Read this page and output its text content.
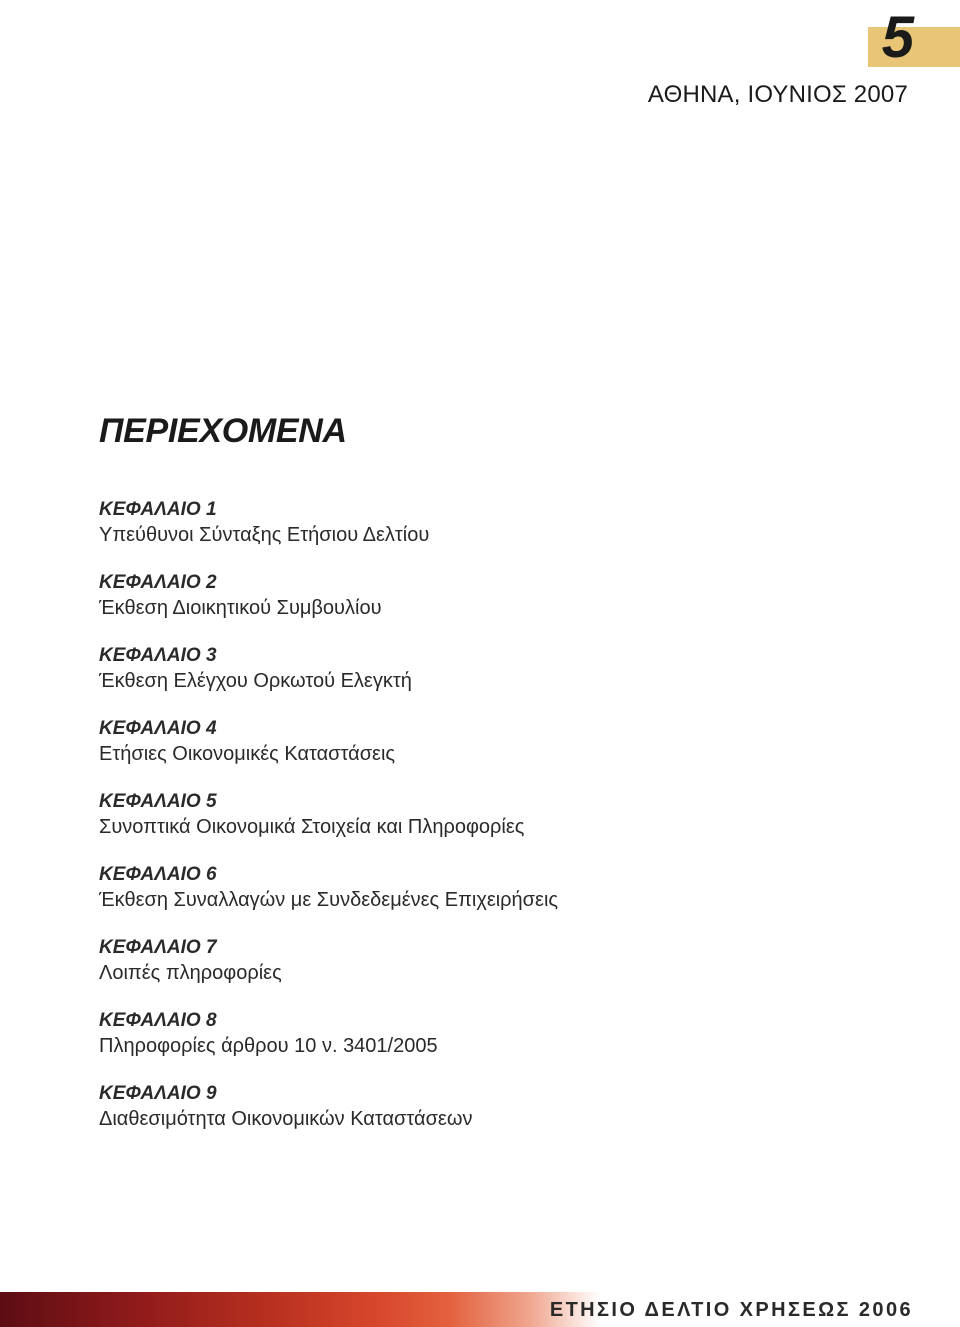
5
ΑΘΗΝΑ, ΙΟΥΝΙΟΣ 2007
ΠΕΡΙΕΧΟΜΕΝΑ
ΚΕΦΑΛΑΙΟ 1
Υπεύθυνοι Σύνταξης Ετήσιου Δελτίου
ΚΕΦΑΛΑΙΟ 2
Έκθεση Διοικητικού Συμβουλίου
ΚΕΦΑΛΑΙΟ 3
Έκθεση Ελέγχου Ορκωτού Ελεγκτή
ΚΕΦΑΛΑΙΟ 4
Ετήσιες Οικονομικές Καταστάσεις
ΚΕΦΑΛΑΙΟ 5
Συνοπτικά Οικονομικά Στοιχεία και Πληροφορίες
ΚΕΦΑΛΑΙΟ 6
Έκθεση Συναλλαγών με Συνδεδεμένες Επιχειρήσεις
ΚΕΦΑΛΑΙΟ 7
Λοιπές πληροφορίες
ΚΕΦΑΛΑΙΟ 8
Πληροφορίες άρθρου 10 ν. 3401/2005
ΚΕΦΑΛΑΙΟ 9
Διαθεσιμότητα Οικονομικών Καταστάσεων
ΕΤΗΣΙΟ ΔΕΛΤΙΟ ΧΡΗΣΕΩΣ 2006
